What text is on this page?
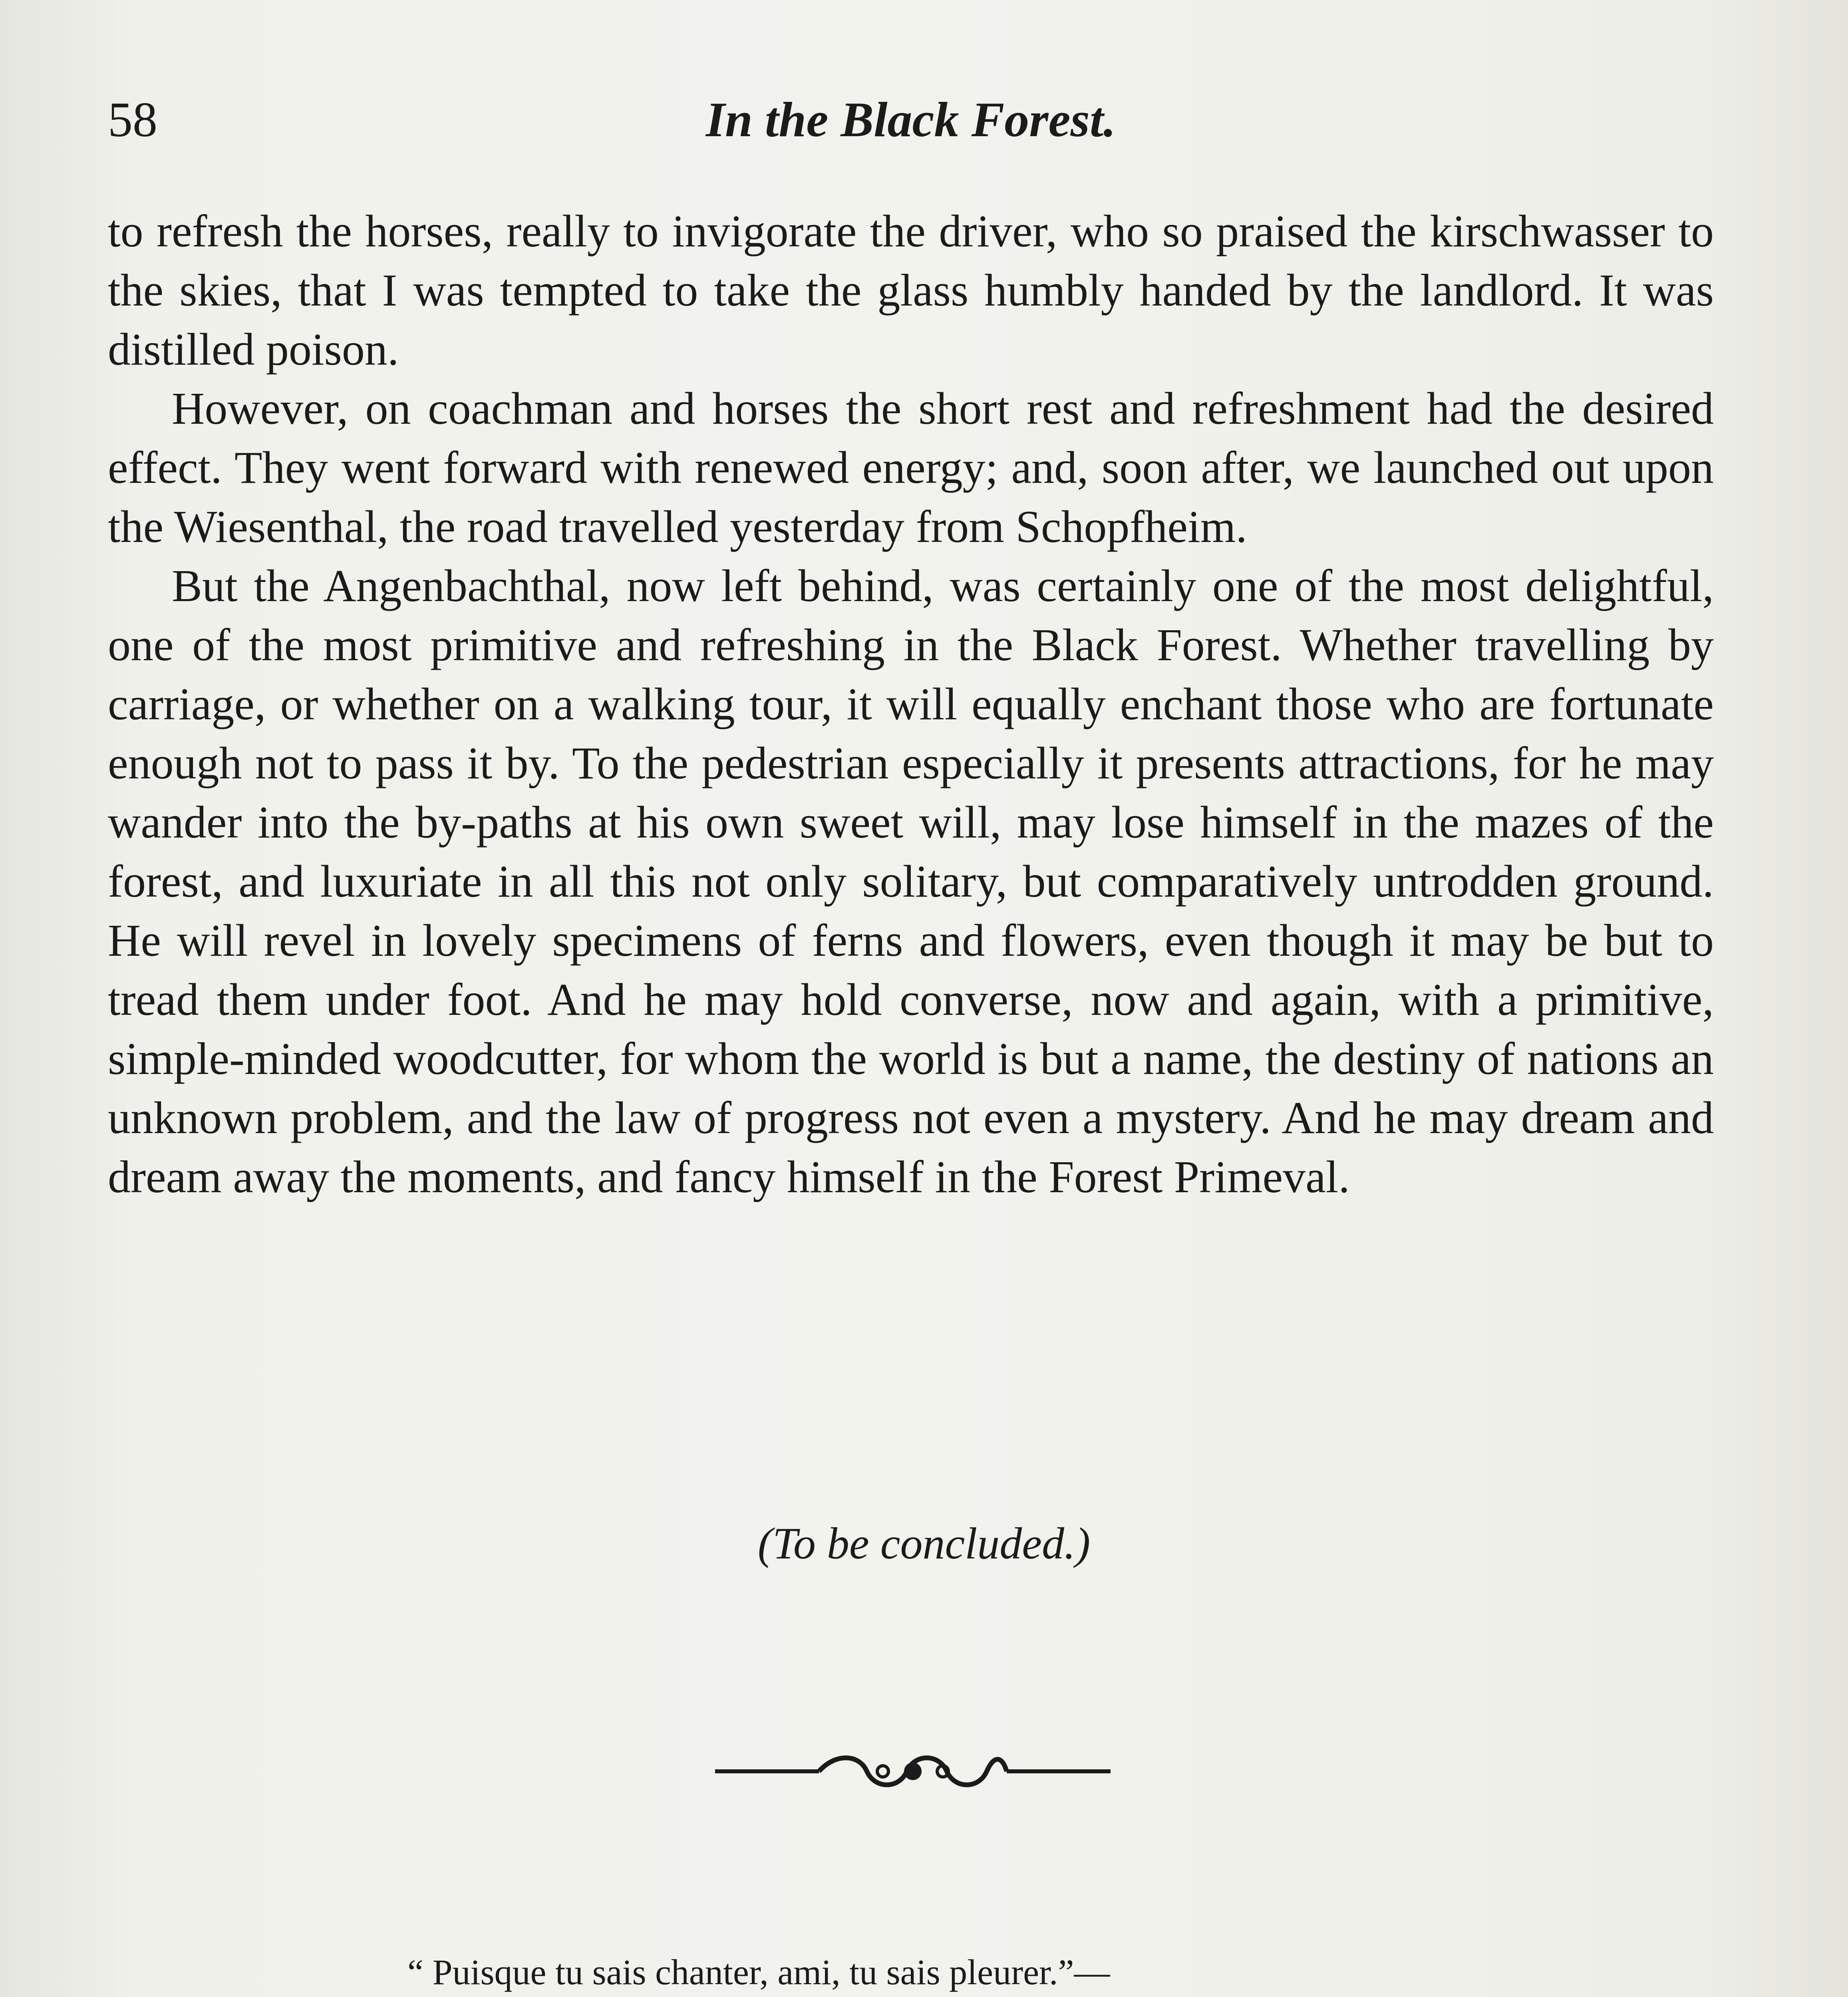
58	In the Black Forest.

to refresh the horses, really to invigorate the driver, who so praised the kirschwasser to the skies, that I was tempted to take the glass humbly handed by the landlord. It was distilled poison.

However, on coachman and horses the short rest and refreshment had the desired effect. They went forward with renewed energy; and, soon after, we launched out upon the Wiesenthal, the road travelled yesterday from Schopfheim.

But the Angenbachthal, now left behind, was certainly one of the most delightful, one of the most primitive and refreshing in the Black Forest. Whether travelling by carriage, or whether on a walking tour, it will equally enchant those who are fortunate enough not to pass it by. To the pedestrian especially it presents attractions, for he may wander into the by-paths at his own sweet will, may lose himself in the mazes of the forest, and luxuriate in all this not only solitary, but comparatively untrodden ground. He will revel in lovely specimens of ferns and flowers, even though it may be but to tread them under foot. And he may hold converse, now and again, with a primitive, simple-minded woodcutter, for whom the world is but a name, the destiny of nations an unknown problem, and the law of progress not even a mystery. And he may dream and dream away the moments, and fancy himself in the Forest Primeval.

(To be concluded.)
“ Puisque tu sais chanter, ami, tu sais pleurer.”—
